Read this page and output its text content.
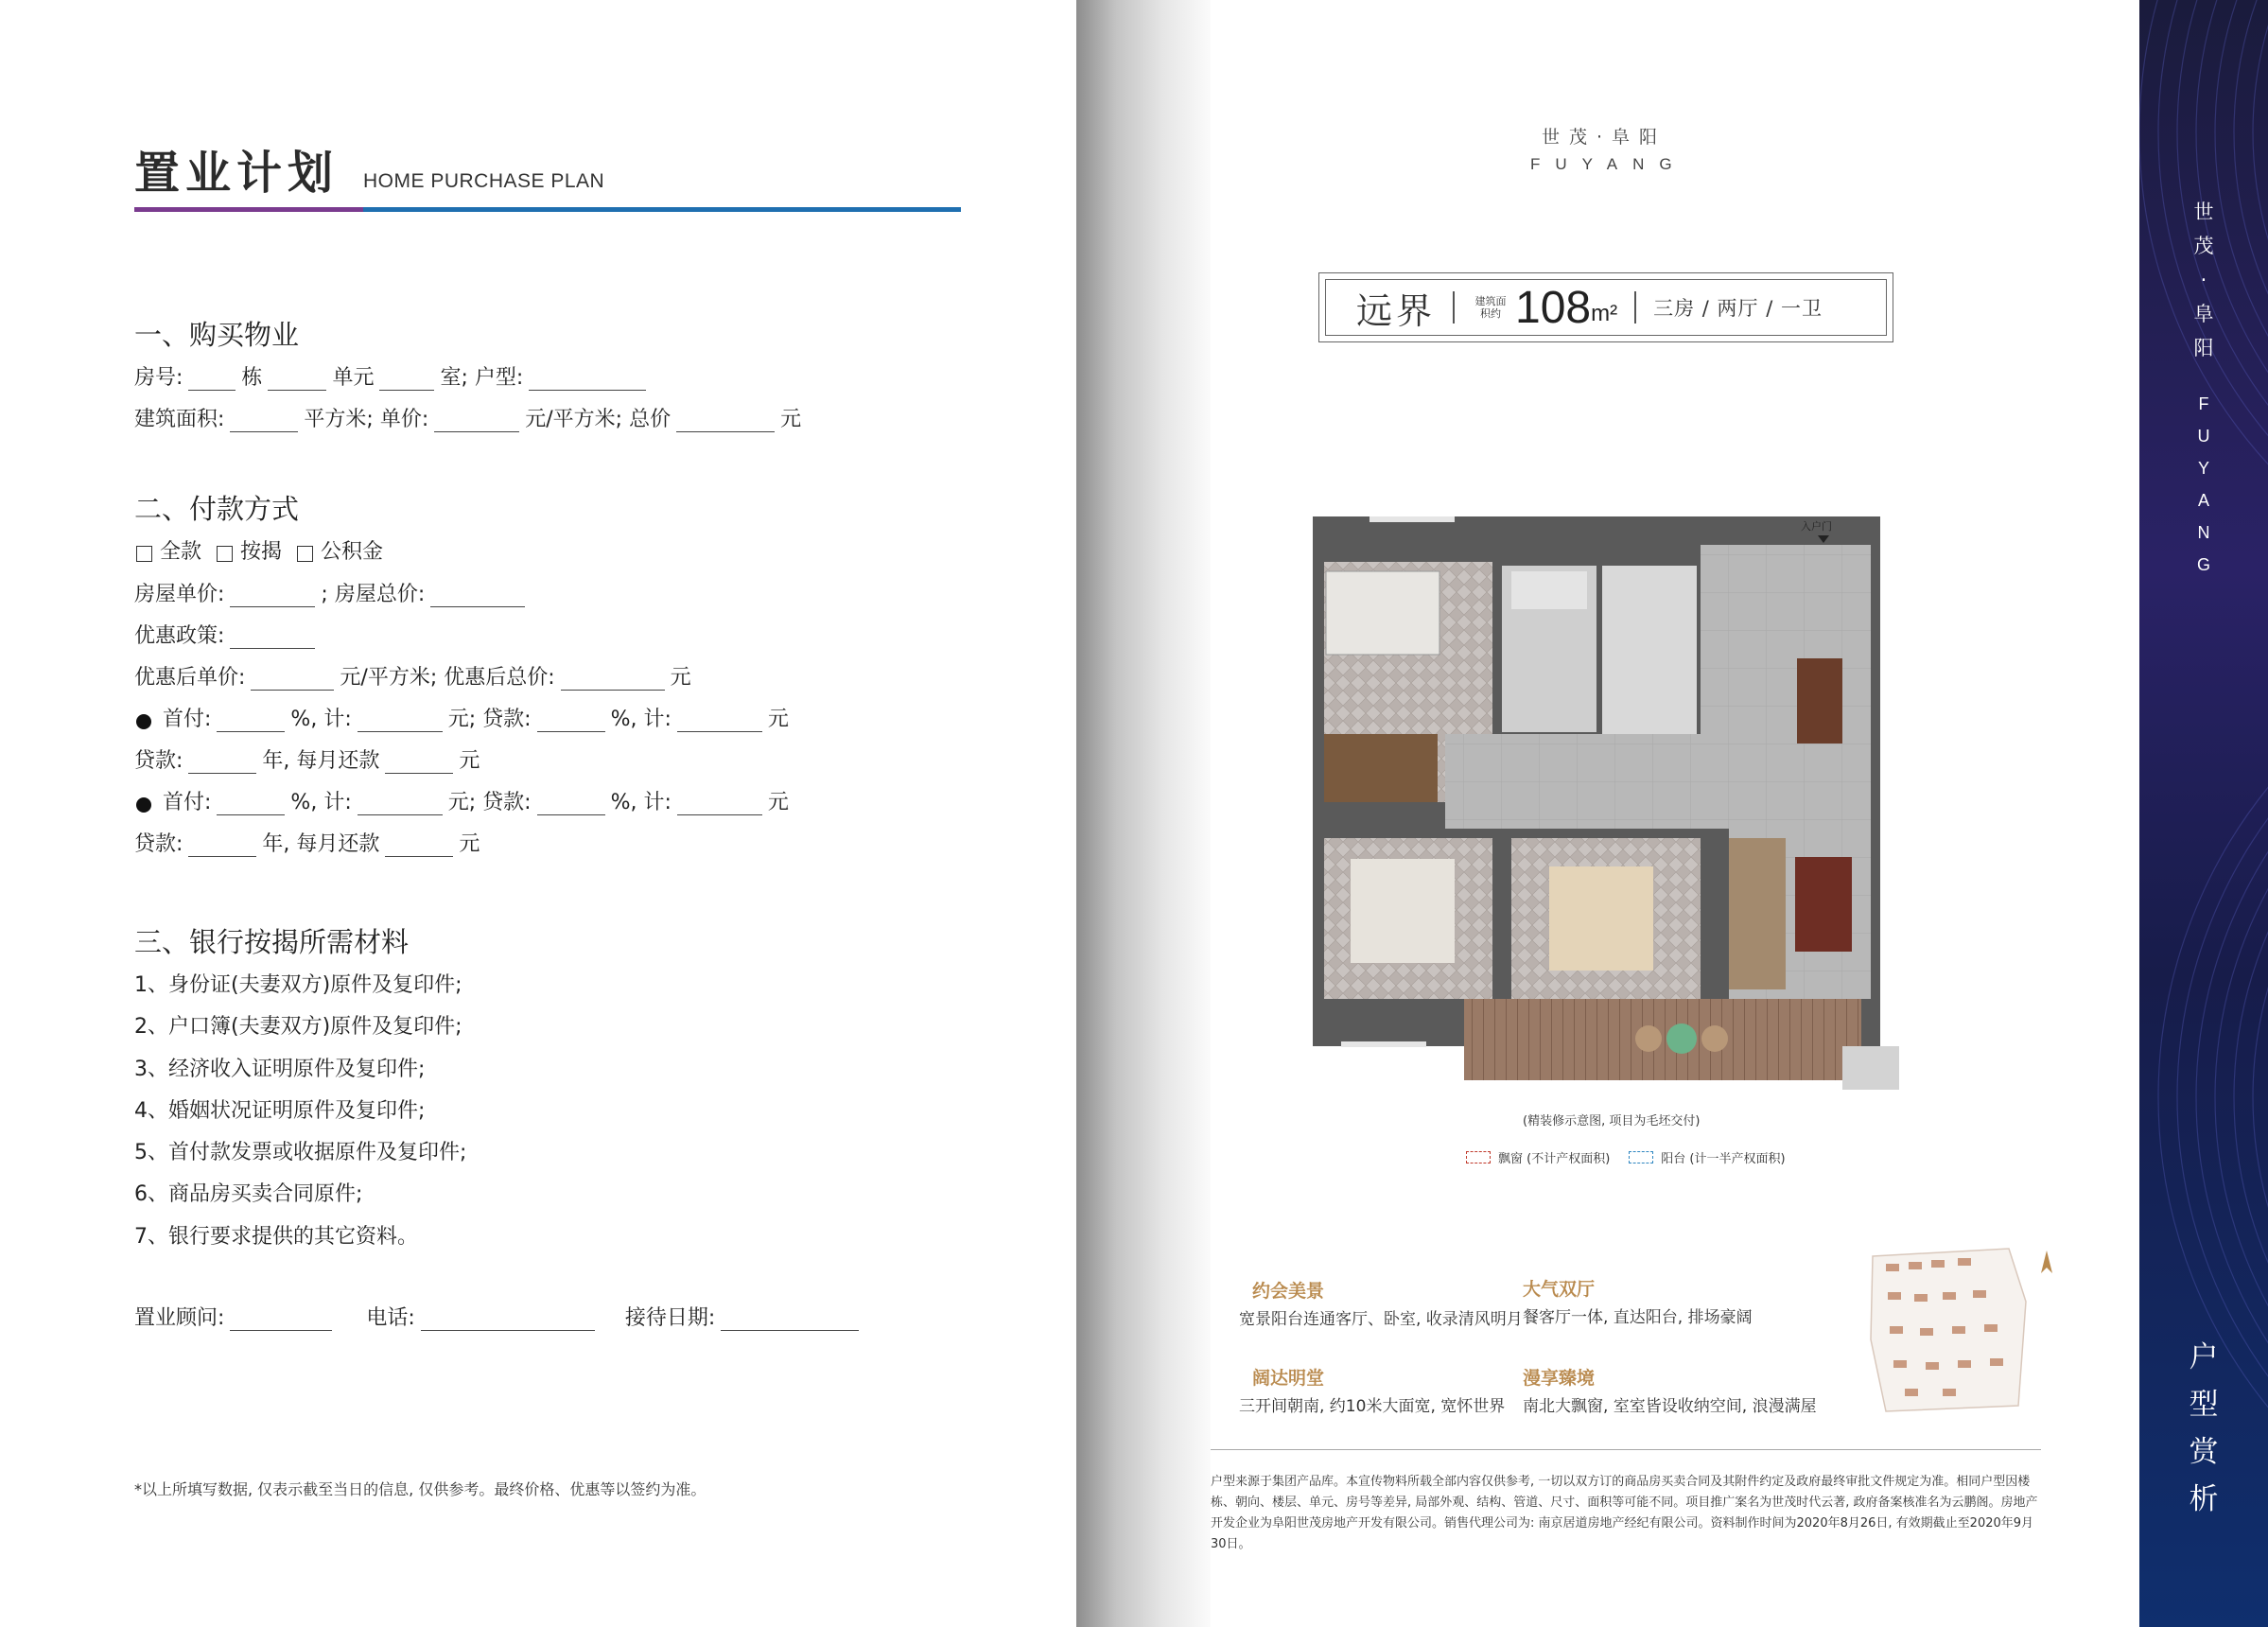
置业计划 HOME PURCHASE PLAN
一、购买物业
房号:	栋	单元	室; 户型:
建筑面积:	平方米; 单价:	元/平方米; 总价	元
二、付款方式
全款 按揭 公积金
房屋单价:	; 房屋总价:
优惠政策:
优惠后单价:	元/平方米; 优惠后总价:	元
首付:	%, 计:	元; 贷款:	%, 计:	元
贷款:	年, 每月还款	元
首付:	%, 计:	元; 贷款:	%, 计:	元
贷款:	年, 每月还款	元
三、银行按揭所需材料
1、身份证(夫妻双方)原件及复印件;
2、户口簿(夫妻双方)原件及复印件;
3、经济收入证明原件及复印件;
4、婚姻状况证明原件及复印件;
5、首付款发票或收据原件及复印件;
6、商品房买卖合同原件;
7、银行要求提供的其它资料。
置业顾问:	电话:	接待日期:
*以上所填写数据, 仅表示截至当日的信息, 仅供参考。最终价格、优惠等以签约为准。
世茂·阜阳
FUYANG
远界	建筑面积约 108 m² 三房 / 两厅 / 一卫
入户门
(精装修示意图, 项目为毛坯交付)
飘窗 (不计产权面积)	阳台 (计一半产权面积)
约会美景
宽景阳台连通客厅、卧室, 收录清风明月
大气双厅
餐客厅一体, 直达阳台, 排场豪阔
阔达明堂
三开间朝南, 约10米大面宽, 宽怀世界
漫享臻境
南北大飘窗, 室室皆设收纳空间, 浪漫满屋
户型来源于集团产品库。本宣传物料所载全部内容仅供参考, 一切以双方订的商品房买卖合同及其附件约定及政府最终审批文件规定为准。相同户型因楼栋、朝向、楼层、单元、房号等差异, 局部外观、结构、管道、尺寸、面积等可能不同。项目推广案名为世茂时代云著, 政府备案核准名为云鹏阁。房地产开发企业为阜阳世茂房地产开发有限公司。销售代理公司为: 南京居道房地产经纪有限公司。资料制作时间为2020年8月26日, 有效期截止至2020年9月30日。
世
茂
·
阜
阳
F
U
Y
A
N
G
户
型
赏
析
